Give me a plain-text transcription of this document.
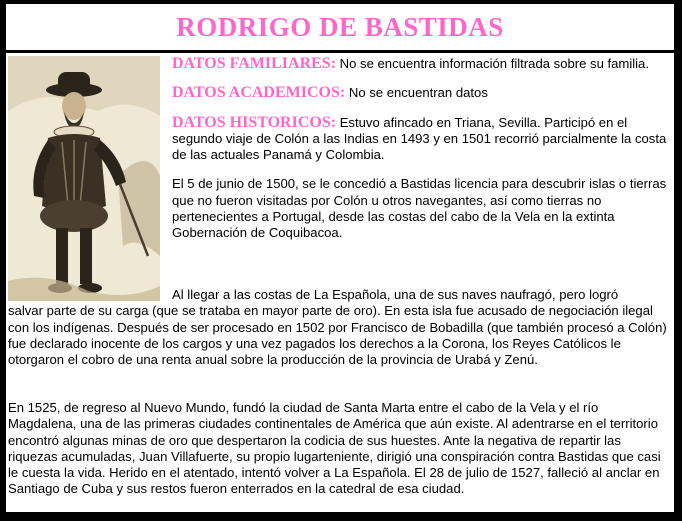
RODRIGO DE BASTIDAS

DATOS FAMILIARES: No se encuentra información filtrada sobre su familia.

DATOS ACADEMICOS: No se encuentran datos

DATOS HISTORICOS: Estuvo afincado en Triana, Sevilla. Participó en el segundo viaje de Colón a las Indias en 1493 y en 1501 recorrió parcialmente la costa de las actuales Panamá y Colombia.

El 5 de junio de 1500, se le concedió a Bastidas licencia para descubrir islas o tierras que no fueron visitadas por Colón u otros navegantes, así como tierras no pertenecientes a Portugal, desde las costas del cabo de la Vela en la extinta Gobernación de Coquibacoa.

Al llegar a las costas de La Española, una de sus naves naufragó, pero logró

salvar parte de su carga (que se trataba en mayor parte de oro). En esta isla fue acusado de negociación ilegal con los indígenas. Después de ser procesado en 1502 por Francisco de Bobadilla (que también procesó a Colón) fue declarado inocente de los cargos y una vez pagados los derechos a la Corona, los Reyes Católicos le otorgaron el cobro de una renta anual sobre la producción de la provincia de Urabá y Zenú.

En 1525, de regreso al Nuevo Mundo, fundó la ciudad de Santa Marta entre el cabo de la Vela y el río Magdalena, una de las primeras ciudades continentales de América que aún existe. Al adentrarse en el territorio encontró algunas minas de oro que despertaron la codicia de sus huestes. Ante la negativa de repartir las riquezas acumuladas, Juan Villafuerte, su propio lugarteniente, dirigió una conspiración contra Bastidas que casi le cuesta la vida. Herido en el atentado, intentó volver a La Española. El 28 de julio de 1527, falleció al anclar en Santiago de Cuba y sus restos fueron enterrados en la catedral de esa ciudad.
